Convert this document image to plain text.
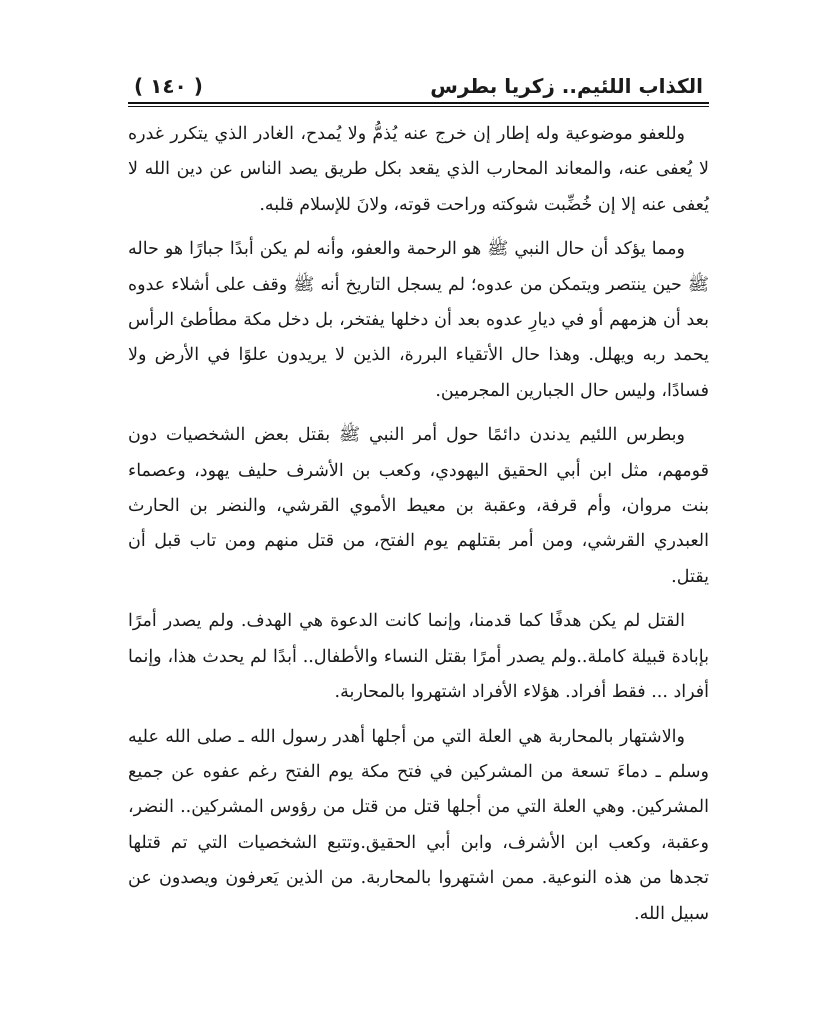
الكذاب اللئيم.. زكريا بطرس
( ١٤٠ )

وللعفو موضوعية وله إطار إن خرج عنه يُذمُّ ولا يُمدح، الغادر الذي يتكرر غدره لا يُعفى عنه، والمعاند المحارب الذي يقعد بكل طريق يصد الناس عن دين الله لا يُعفى عنه إلا إن خُضِّبت شوكته وراحت قوته، ولانَ للإسلام قلبه.

ومما يؤكد أن حال النبي ﷺ هو الرحمة والعفو، وأنه لم يكن أبدًا جبارًا هو حاله ﷺ حين ينتصر ويتمكن من عدوه؛ لم يسجل التاريخ أنه ﷺ وقف على أشلاء عدوه بعد أن هزمهم أو في ديارِ عدوه بعد أن دخلها يفتخر، بل دخل مكة مطأطئ الرأس يحمد ربه ويهلل. وهذا حال الأتقياء البررة، الذين لا يريدون علوًا في الأرض ولا فسادًا، وليس حال الجبارين المجرمين.

وبطرس اللئيم يدندن دائمًا حول أمر النبي ﷺ بقتل بعض الشخصيات دون قومهم، مثل ابن أبي الحقيق اليهودي، وكعب بن الأشرف حليف يهود، وعصماء بنت مروان، وأم قرفة، وعقبة بن معيط الأموي القرشي، والنضر بن الحارث العبدري القرشي، ومن أمر بقتلهم يوم الفتح، من قتل منهم ومن تاب قبل أن يقتل.

القتل لم يكن هدفًا كما قدمنا، وإنما كانت الدعوة هي الهدف. ولم يصدر أمرًا بإبادة قبيلة كاملة..ولم يصدر أمرًا بقتل النساء والأطفال.. أبدًا لم يحدث هذا، وإنما أفراد ... فقط أفراد. هؤلاء الأفراد اشتهروا بالمحاربة.

والاشتهار بالمحاربة هي العلة التي من أجلها أهدر رسول الله ـ صلى الله عليه وسلم ـ دماءَ تسعة من المشركين في فتح مكة يوم الفتح رغم عفوه عن جميع المشركين. وهي العلة التي من أجلها قتل من قتل من رؤوس المشركين.. النضر، وعقبة، وكعب ابن الأشرف، وابن أبي الحقيق.وتتبع الشخصيات التي تم قتلها تجدها من هذه النوعية. ممن اشتهروا بالمحاربة. من الذين يَعرفون ويصدون عن سبيل الله.
